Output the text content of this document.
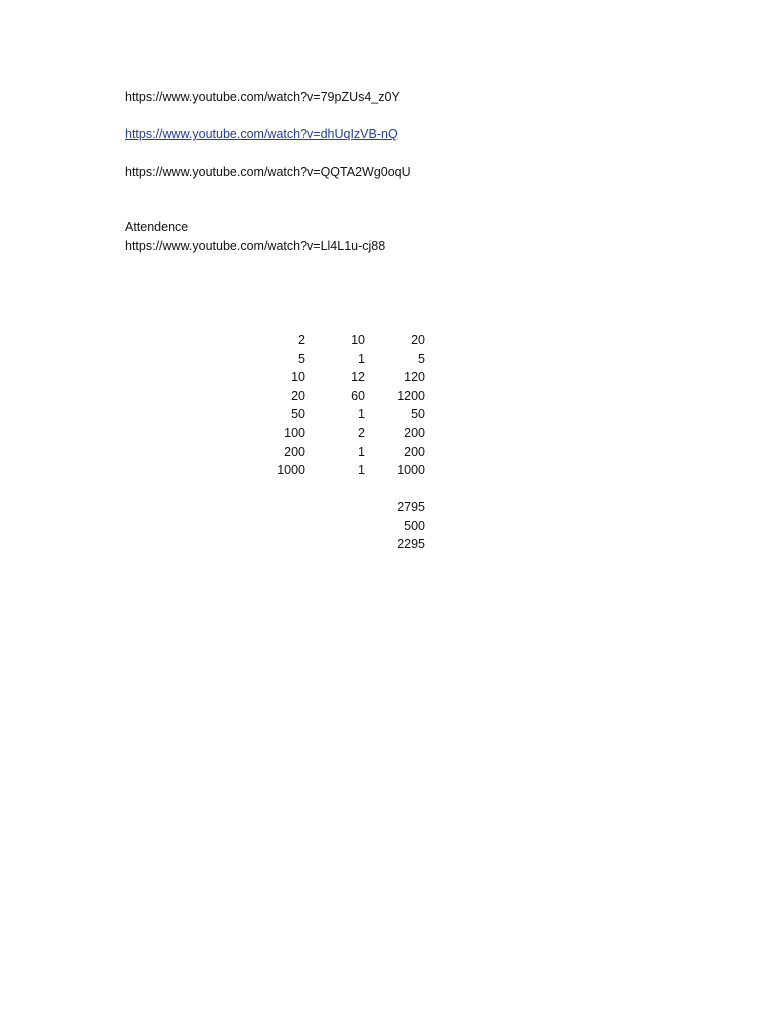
https://www.youtube.com/watch?v=79pZUs4_z0Y
https://www.youtube.com/watch?v=dhUqIzVB-nQ
https://www.youtube.com/watch?v=QQTA2Wg0oqU
Attendence
https://www.youtube.com/watch?v=Ll4L1u-cj88
2	10	20
5	1	5
10	12	120
20	60	1200
50	1	50
100	2	200
200	1	200
1000	1	1000
2795
500
2295
